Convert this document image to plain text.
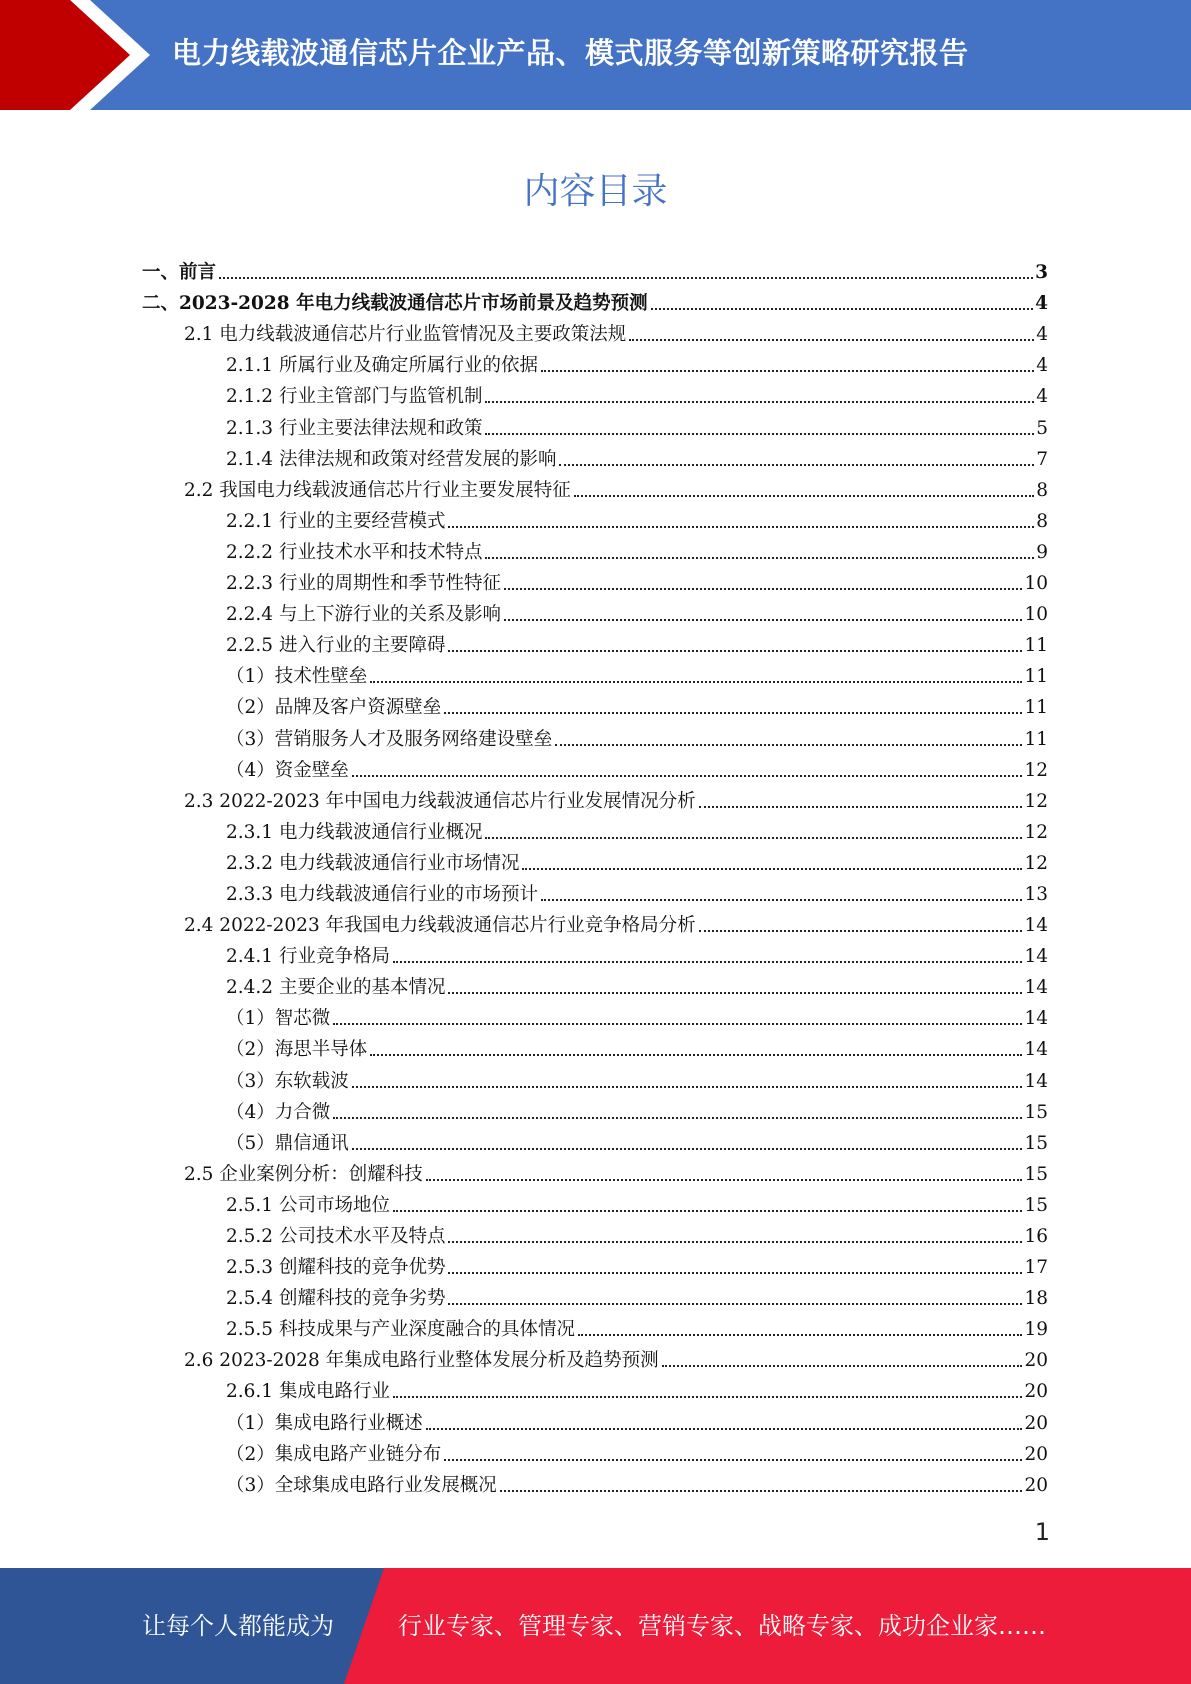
电力线载波通信芯片企业产品、模式服务等创新策略研究报告
内容目录
一、前言	3
二、2023-2028 年电力线载波通信芯片市场前景及趋势预测	4
2.1 电力线载波通信芯片行业监管情况及主要政策法规	4
2.1.1 所属行业及确定所属行业的依据	4
2.1.2 行业主管部门与监管机制	4
2.1.3 行业主要法律法规和政策	5
2.1.4 法律法规和政策对经营发展的影响	7
2.2 我国电力线载波通信芯片行业主要发展特征	8
2.2.1 行业的主要经营模式	8
2.2.2 行业技术水平和技术特点	9
2.2.3 行业的周期性和季节性特征	10
2.2.4 与上下游行业的关系及影响	10
2.2.5 进入行业的主要障碍	11
（1）技术性壁垒	11
（2）品牌及客户资源壁垒	11
（3）营销服务人才及服务网络建设壁垒	11
（4）资金壁垒	12
2.3 2022-2023 年中国电力线载波通信芯片行业发展情况分析	12
2.3.1 电力线载波通信行业概况	12
2.3.2 电力线载波通信行业市场情况	12
2.3.3 电力线载波通信行业的市场预计	13
2.4 2022-2023 年我国电力线载波通信芯片行业竞争格局分析	14
2.4.1 行业竞争格局	14
2.4.2 主要企业的基本情况	14
（1）智芯微	14
（2）海思半导体	14
（3）东软载波	14
（4）力合微	15
（5）鼎信通讯	15
2.5 企业案例分析：创耀科技	15
2.5.1 公司市场地位	15
2.5.2 公司技术水平及特点	16
2.5.3 创耀科技的竞争优势	17
2.5.4 创耀科技的竞争劣势	18
2.5.5 科技成果与产业深度融合的具体情况	19
2.6 2023-2028 年集成电路行业整体发展分析及趋势预测	20
2.6.1 集成电路行业	20
（1）集成电路行业概述	20
（2）集成电路产业链分布	20
（3）全球集成电路行业发展概况	20
1
让每个人都能成为	行业专家、管理专家、营销专家、战略专家、成功企业家……
